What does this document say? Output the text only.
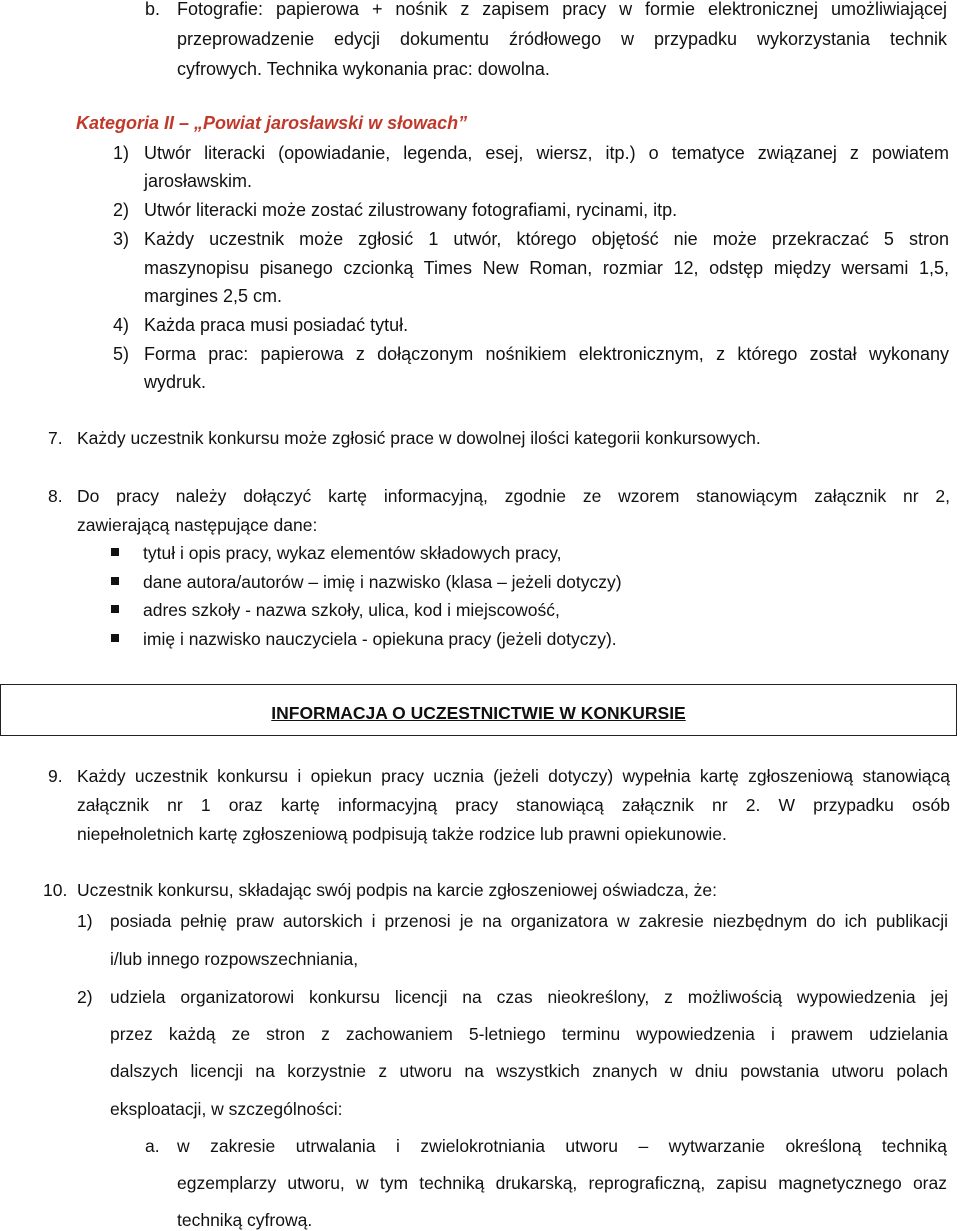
b. Fotografie: papierowa + nośnik z zapisem pracy w formie elektronicznej umożliwiającej
przeprowadzenie edycji dokumentu źródłowego w przypadku wykorzystania technik
cyfrowych. Technika wykonania prac: dowolna.
Kategoria II – „Powiat jarosławski w słowach”
1) Utwór literacki (opowiadanie, legenda, esej, wiersz, itp.) o tematyce związanej z powiatem
jarosławskim.
2) Utwór literacki może zostać zilustrowany fotografiami, rycinami, itp.
3) Każdy uczestnik może zgłosić 1 utwór, którego objętość nie może przekraczać 5 stron
maszynopisu pisanego czcionką Times New Roman, rozmiar 12, odstęp między wersami 1,5,
margines 2,5 cm.
4) Każda praca musi posiadać tytuł.
5) Forma prac: papierowa z dołączonym nośnikiem elektronicznym, z którego został wykonany
wydruk.
7. Każdy uczestnik konkursu może zgłosić prace w dowolnej ilości kategorii konkursowych.
8. Do pracy należy dołączyć kartę informacyjną, zgodnie ze wzorem stanowiącym załącznik nr 2,
zawierającą następujące dane:
tytuł i opis pracy, wykaz elementów składowych pracy,
dane autora/autorów – imię i nazwisko (klasa – jeżeli dotyczy)
adres szkoły - nazwa szkoły, ulica, kod i miejscowość,
imię i nazwisko nauczyciela - opiekuna pracy (jeżeli dotyczy).
INFORMACJA O UCZESTNICTWIE W KONKURSIE
9. Każdy uczestnik konkursu i opiekun pracy ucznia (jeżeli dotyczy) wypełnia kartę zgłoszeniową stanowiącą
załącznik nr 1 oraz kartę informacyjną pracy stanowiącą załącznik nr 2. W przypadku osób
niepełnoletnich kartę zgłoszeniową podpisują także rodzice lub prawni opiekunowie.
10. Uczestnik konkursu, składając swój podpis na karcie zgłoszeniowej oświadcza, że:
1) posiada pełnię praw autorskich i przenosi je na organizatora w zakresie niezbędnym do ich publikacji
i/lub innego rozpowszechniania,
2) udziela organizatorowi konkursu licencji na czas nieokreślony, z możliwością wypowiedzenia jej
przez każdą ze stron z zachowaniem 5-letniego terminu wypowiedzenia i prawem udzielania
dalszych licencji na korzystnie z utworu na wszystkich znanych w dniu powstania utworu polach
eksploatacji, w szczególności:
a. w zakresie utrwalania i zwielokrotniania utworu – wytwarzanie określoną techniką
egzemplarzy utworu, w tym techniką drukarską, reprograficzną, zapisu magnetycznego oraz
techniką cyfrową.
